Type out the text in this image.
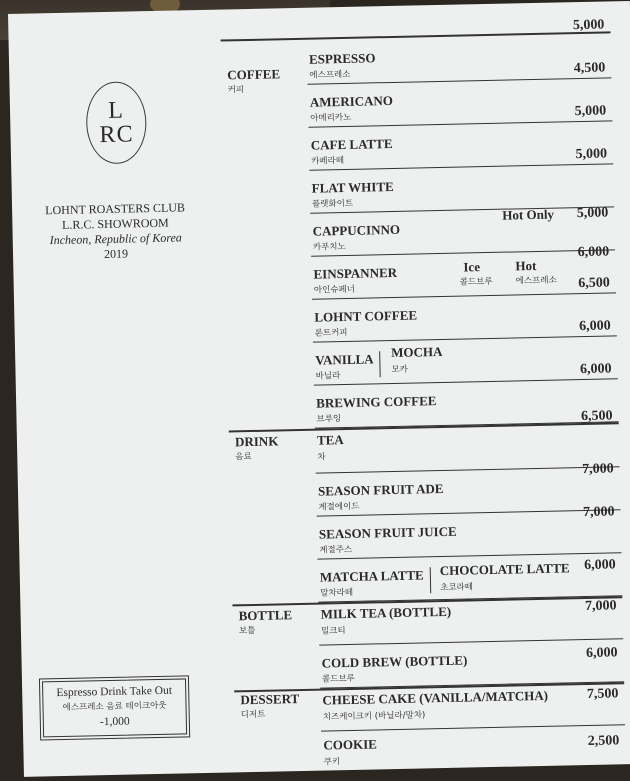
L
RC
LOHNT ROASTERS CLUB
L.R.C. SHOWROOM
Incheon, Republic of Korea
2019
Espresso Drink Take Out
에스프레소 음료 테이크아웃
-1,000
COFFEE
커피
ESPRESSO
에스프레소
5,000
AMERICANO
아메리카노
4,500
CAFE LATTE
카페라떼
5,000
FLAT WHITE
플랫화이트
5,000
CAPPUCINNO
카푸치노
Hot Only 5,000
EINSPANNER
아인슈페너
Ice
콜드브루
Hot
에스프레소
6,000
LOHNT COFFEE
론트커피
6,500
VANILLA
바닐라
MOCHA
모카
6,000
BREWING COFFEE
브루잉
6,000
DRINK
음료
TEA
차
6,500
SEASON FRUIT ADE
계절에이드
7,000
SEASON FRUIT JUICE
계절주스
7,000
MATCHA LATTE
말차라떼
CHOCOLATE LATTE
초코라떼
6,000
BOTTLE
보틀
MILK TEA (BOTTLE)
밀크티
7,000
COLD BREW (BOTTLE)
콜드브루
6,000
DESSERT
디저트
CHEESE CAKE (VANILLA/MATCHA)
치즈케이크키 (바닐라/말차)
7,500
COOKIE
쿠키
2,500
